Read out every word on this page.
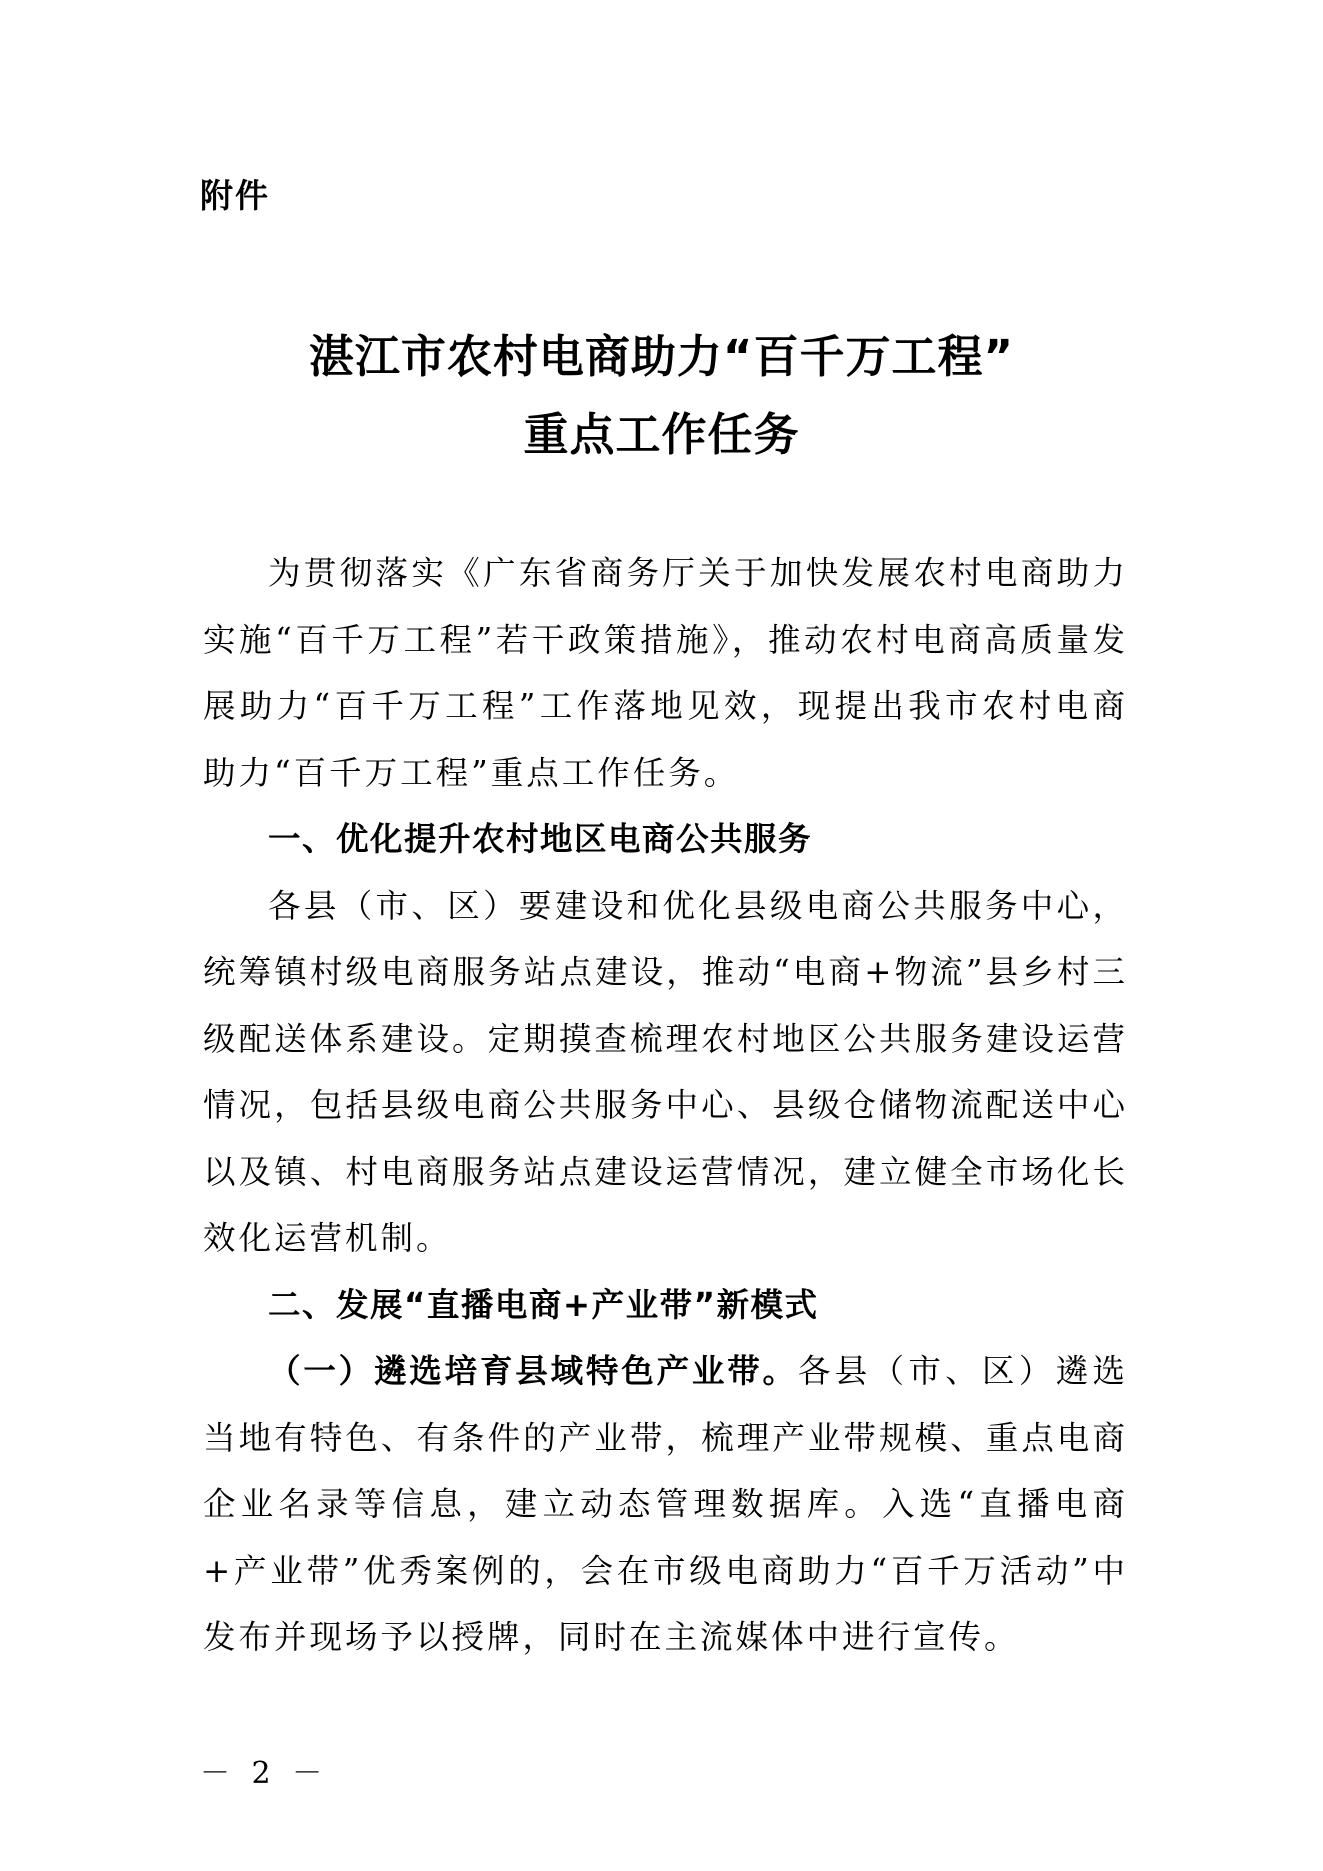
附件
湛江市农村电商助力“百千万工程”
重点工作任务

为贯彻落实《广东省商务厅关于加快发展农村电商助力实施“百千万工程”若干政策措施》，推动农村电商高质量发展助力“百千万工程”工作落地见效，现提出我市农村电商助力“百千万工程”重点工作任务。

一、优化提升农村地区电商公共服务

各县（市、区）要建设和优化县级电商公共服务中心，统筹镇村级电商服务站点建设，推动“电商+物流”县乡村三级配送体系建设。定期摸查梳理农村地区公共服务建设运营情况，包括县级电商公共服务中心、县级仓储物流配送中心以及镇、村电商服务站点建设运营情况，建立健全市场化长效化运营机制。

二、发展“直播电商+产业带”新模式

（一）遴选培育县域特色产业带。各县（市、区）遴选当地有特色、有条件的产业带，梳理产业带规模、重点电商企业名录等信息，建立动态管理数据库。入选“直播电商+产业带”优秀案例的，会在市级电商助力“百千万活动”中发布并现场予以授牌，同时在主流媒体中进行宣传。

－ 2 －
